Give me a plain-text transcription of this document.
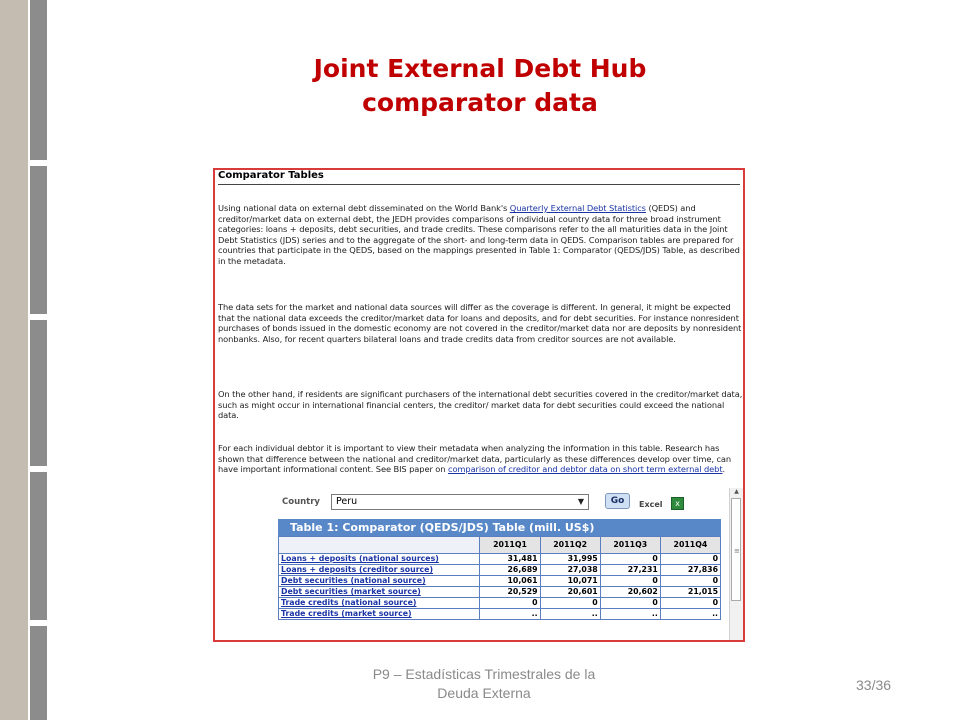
Joint External Debt Hub
comparator data
Comparator Tables
Using national data on external debt disseminated on the World Bank's Quarterly External Debt Statistics (QEDS) and creditor/market data on external debt, the JEDH provides comparisons of individual country data for three broad instrument categories: loans + deposits, debt securities, and trade credits. These comparisons refer to the all maturities data in the Joint Debt Statistics (JDS) series and to the aggregate of the short- and long-term data in QEDS. Comparison tables are prepared for countries that participate in the QEDS, based on the mappings presented in Table 1: Comparator (QEDS/JDS) Table, as described in the metadata.
The data sets for the market and national data sources will differ as the coverage is different. In general, it might be expected that the national data exceeds the creditor/market data for loans and deposits, and for debt securities. For instance nonresident purchases of bonds issued in the domestic economy are not covered in the creditor/market data nor are deposits by nonresident nonbanks. Also, for recent quarters bilateral loans and trade credits data from creditor sources are not available.
On the other hand, if residents are significant purchasers of the international debt securities covered in the creditor/market data, such as might occur in international financial centers, the creditor/ market data for debt securities could exceed the national data.
For each individual debtor it is important to view their metadata when analyzing the information in this table. Research has shown that difference between the national and creditor/market data, particularly as these differences develop over time, can have important informational content. See BIS paper on comparison of creditor and debtor data on short term external debt.
Country	Peru	▼	Go	Excel	x
▲
≡
Table 1: Comparator (QEDS/JDS) Table (mill. US$)
	2011Q1	2011Q2	2011Q3	2011Q4
Loans + deposits (national sources)	31,481	31,995	0	0
Loans + deposits (creditor source)	26,689	27,038	27,231	27,836
Debt securities (national source)	10,061	10,071	0	0
Debt securities (market source)	20,529	20,601	20,602	21,015
Trade credits (national source)	0	0	0	0
Trade credits (market source)	..	..	..	..
P9 – Estadísticas Trimestrales de la
Deuda Externa	33/36
